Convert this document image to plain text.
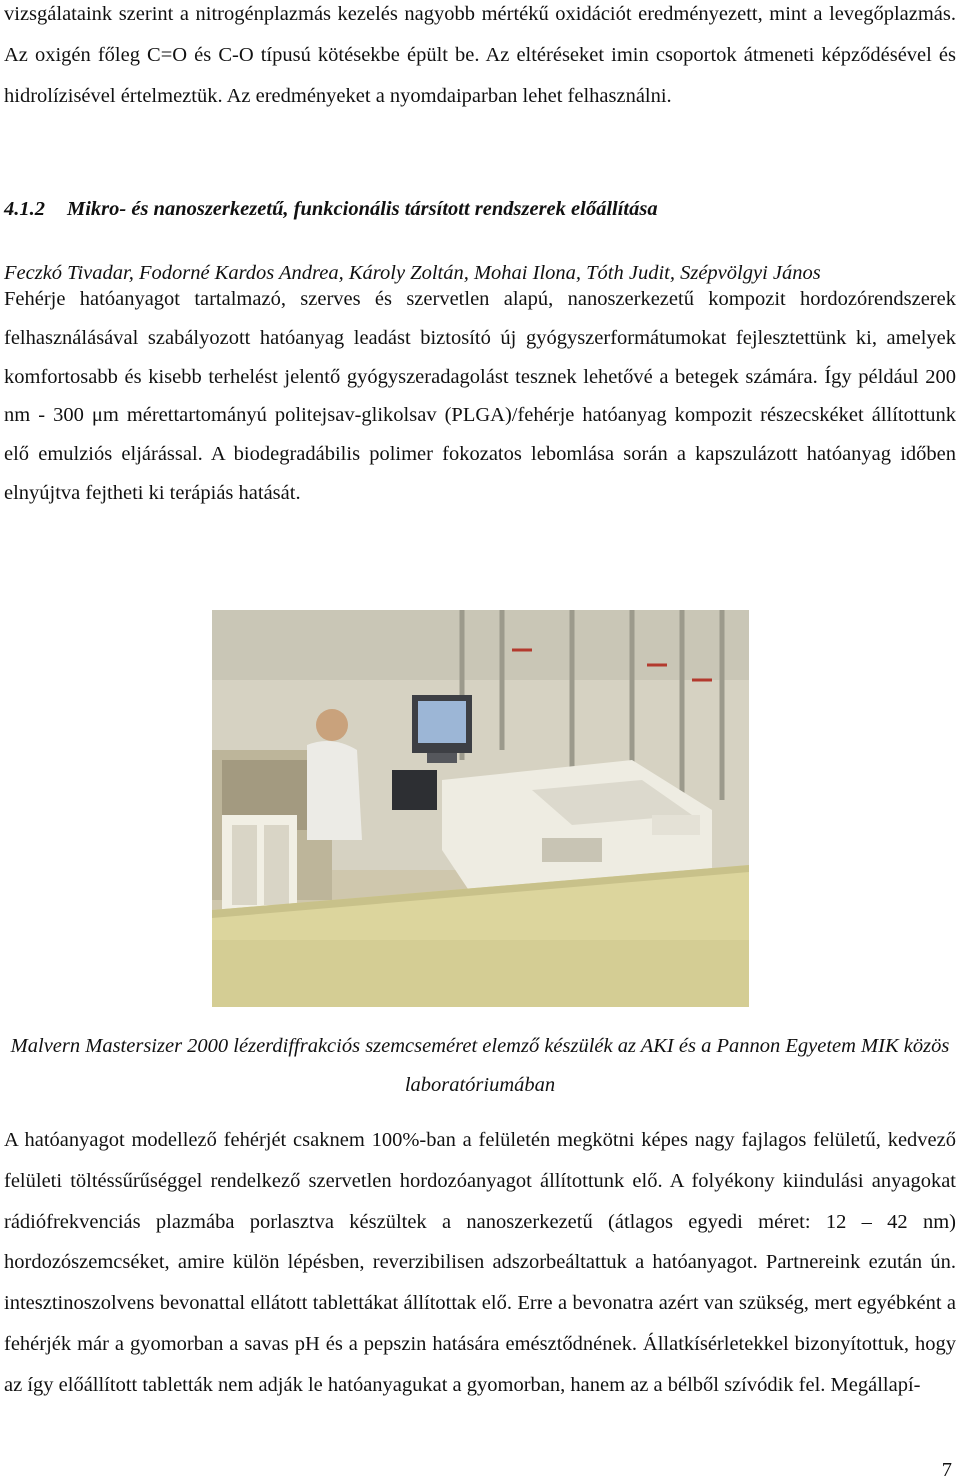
vizsgálataink szerint a nitrogénplazmás kezelés nagyobb mértékű oxidációt eredményezett, mint a levegőplazmás. Az oxigén főleg C=O és C-O típusú kötésekbe épült be. Az eltéréseket imin csoportok átmeneti képződésével és hidrolízisével értelmeztük. Az eredményeket a nyomdaiparban lehet felhasználni.

4.1.2 Mikro- és nanoszerkezetű, funkcionális társított rendszerek előállítása

Feczkó Tivadar, Fodorné Kardos Andrea, Károly Zoltán, Mohai Ilona, Tóth Judit, Szépvölgyi János

Fehérje hatóanyagot tartalmazó, szerves és szervetlen alapú, nanoszerkezetű kompozit hordozórendszerek felhasználásával szabályozott hatóanyag leadást biztosító új gyógyszerformátumokat fejlesztettünk ki, amelyek komfortosabb és kisebb terhelést jelentő gyógyszeradagolást tesznek lehetővé a betegek számára. Így például 200 nm - 300 μm mérettartományú politejsav-glikolsav (PLGA)/fehérje hatóanyag kompozit részecskéket állítottunk elő emulziós eljárással. A biodegradábilis polimer fokozatos lebomlása során a kapszulázott hatóanyag időben elnyújtva fejtheti ki terápiás hatását.

Malvern Mastersizer 2000 lézerdiffrakciós szemcseméret elemző készülék az AKI és a Pannon Egyetem MIK közös laboratóriumában

A hatóanyagot modellező fehérjét csaknem 100%-ban a felületén megkötni képes nagy fajlagos felületű, kedvező felületi töltéssűrűséggel rendelkező szervetlen hordozóanyagot állítottunk elő. A folyékony kiindulási anyagokat rádiófrekvenciás plazmába porlasztva készültek a nanoszerkezetű (átlagos egyedi méret: 12 – 42 nm) hordozószemcséket, amire külön lépésben, reverzibilisen adszorbeáltattuk a hatóanyagot. Partnereink ezután ún. intesztinoszolvens bevonattal ellátott tablettákat állítottak elő. Erre a bevonatra azért van szükség, mert egyébként a fehérjék már a gyomorban a savas pH és a pepszin hatására emésztődnének. Állatkísérletekkel bizonyítottuk, hogy az így előállított tabletták nem adják le hatóanyagukat a gyomorban, hanem az a bélből szívódik fel. Megállapí-

7
